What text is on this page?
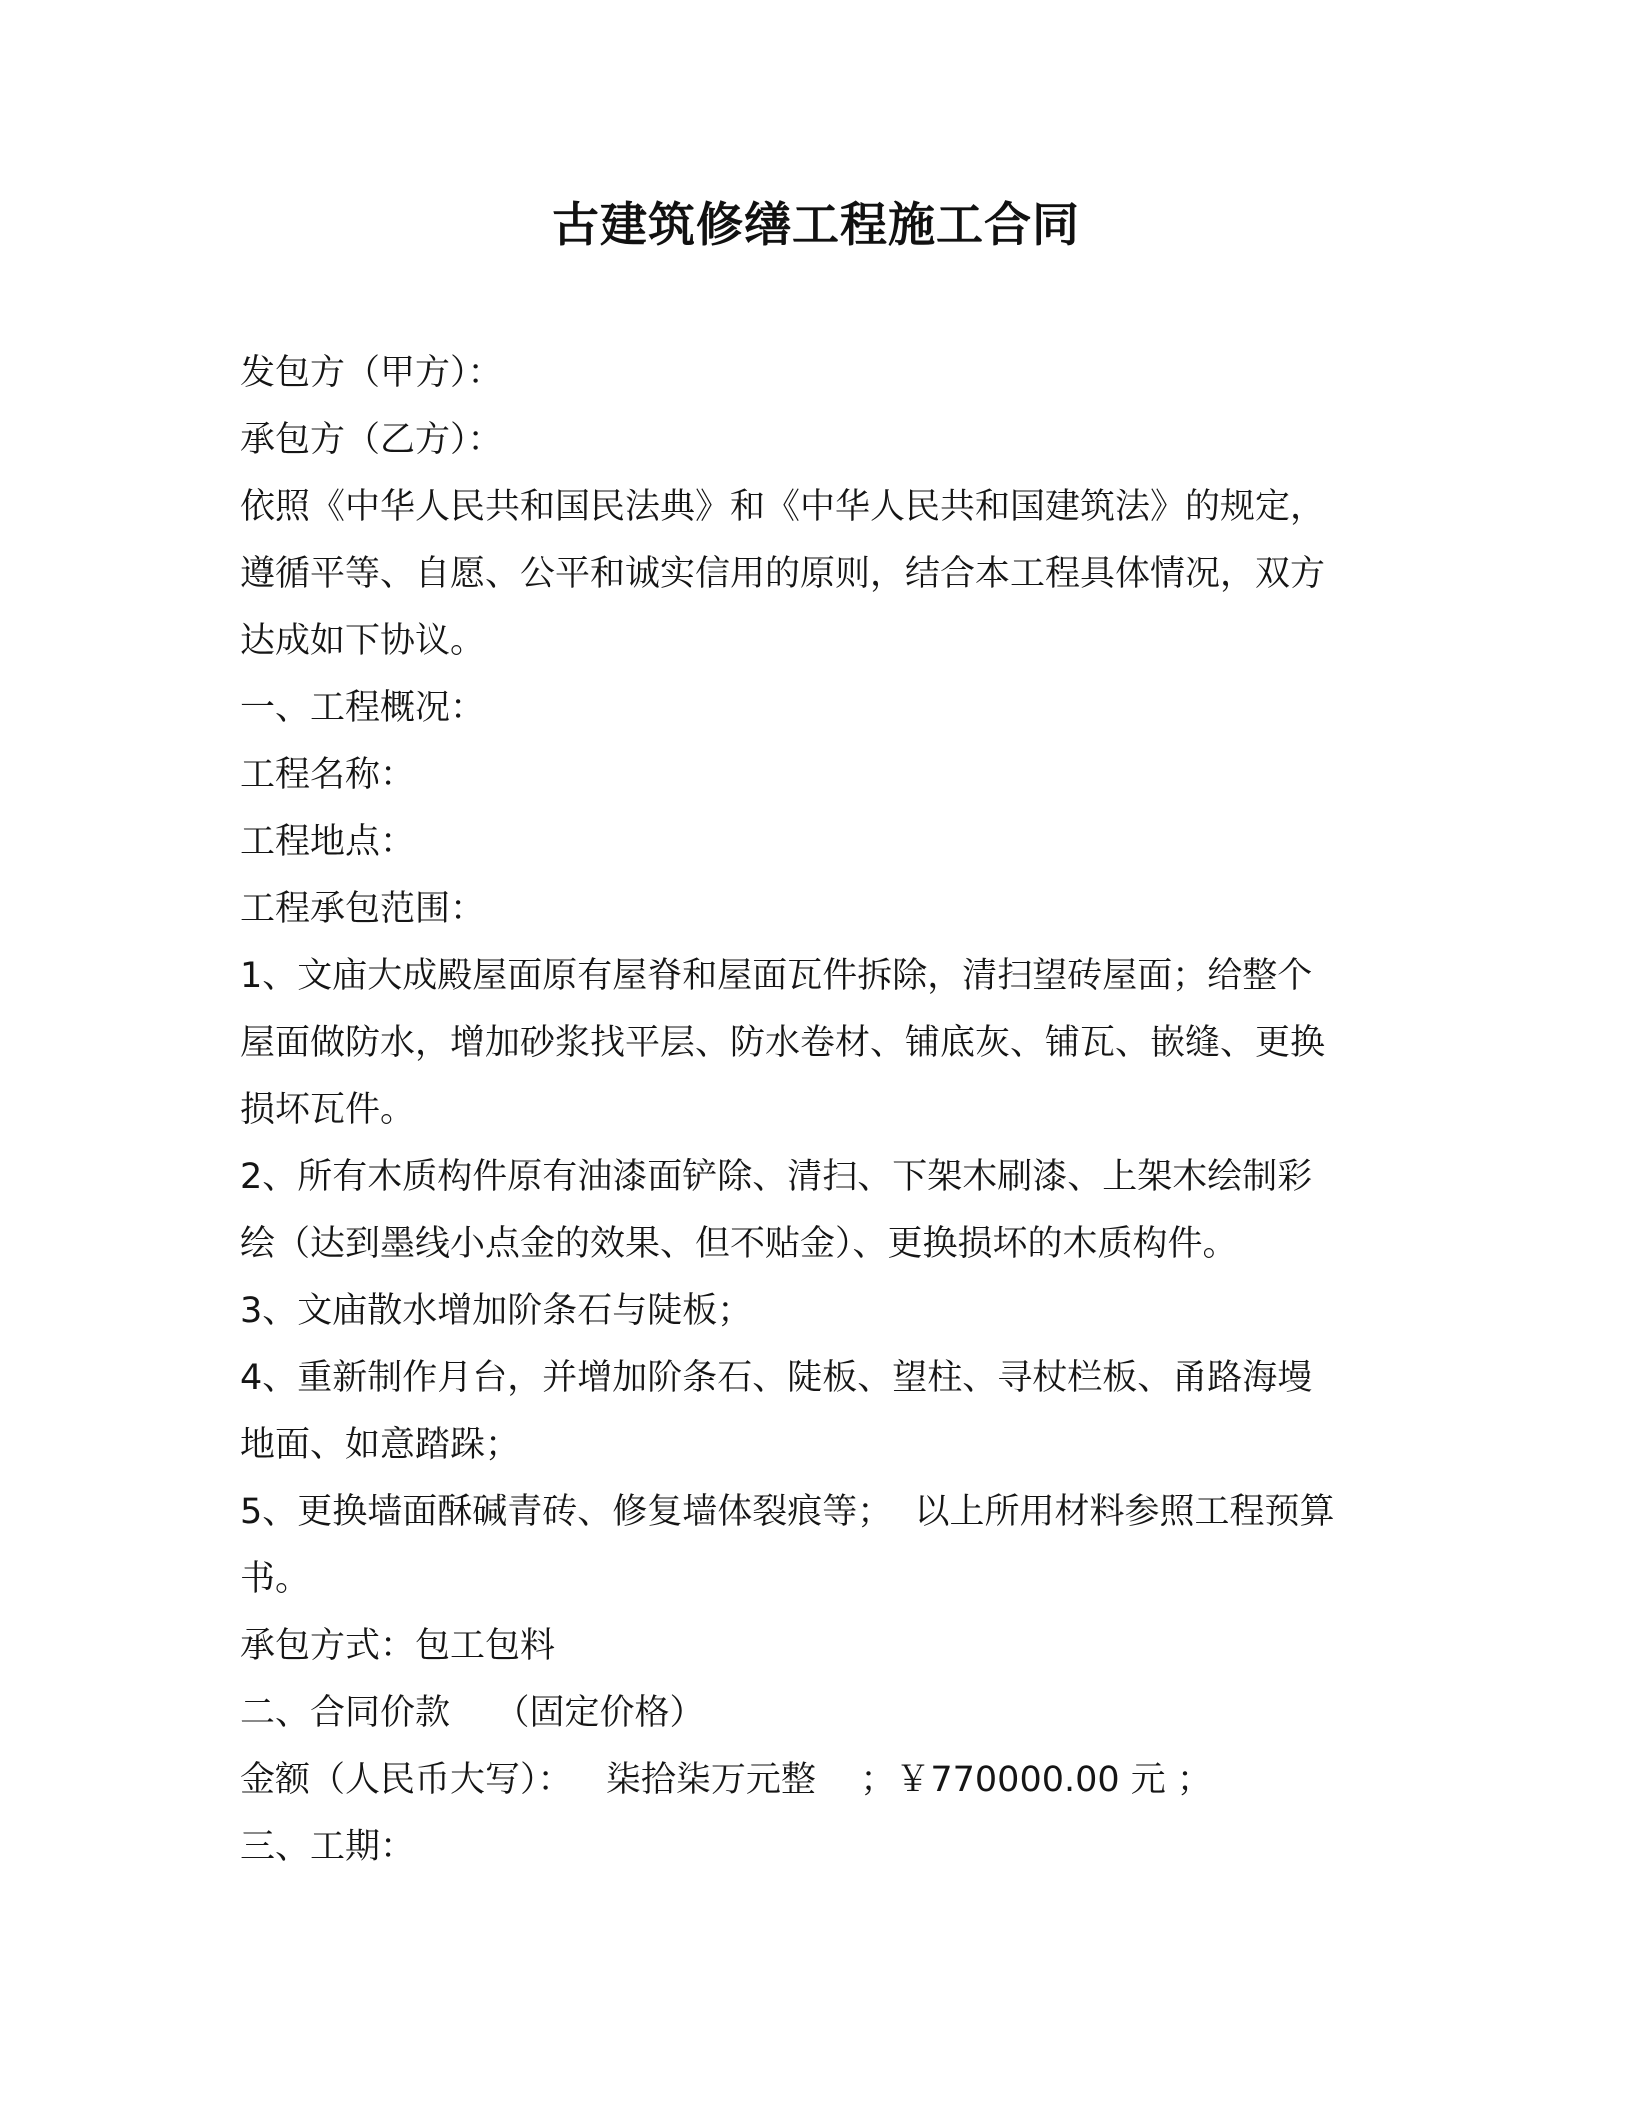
古建筑修缮工程施工合同
发包方（甲方）：
承包方（乙方）：
依照《中华人民共和国民法典》和《中华人民共和国建筑法》的规定，
遵循平等、自愿、公平和诚实信用的原则，结合本工程具体情况，双方
达成如下协议。
一、工程概况：
工程名称：
工程地点：
工程承包范围：
1、文庙大成殿屋面原有屋脊和屋面瓦件拆除，清扫望砖屋面；给整个
屋面做防水，增加砂浆找平层、防水卷材、铺底灰、铺瓦、嵌缝、更换
损坏瓦件。
2、所有木质构件原有油漆面铲除、清扫、下架木刷漆、上架木绘制彩
绘（达到墨线小点金的效果、但不贴金）、更换损坏的木质构件。
3、文庙散水增加阶条石与陡板；
4、重新制作月台，并增加阶条石、陡板、望柱、寻杖栏板、甬路海墁
地面、如意踏跺；
5、更换墙面酥碱青砖、修复墙体裂痕等；  以上所用材料参照工程预算
书。
承包方式：包工包料
二、合同价款    （固定价格）
金额（人民币大写）：   柒拾柒万元整    ；￥770000.00 元 ；
三、工期：
